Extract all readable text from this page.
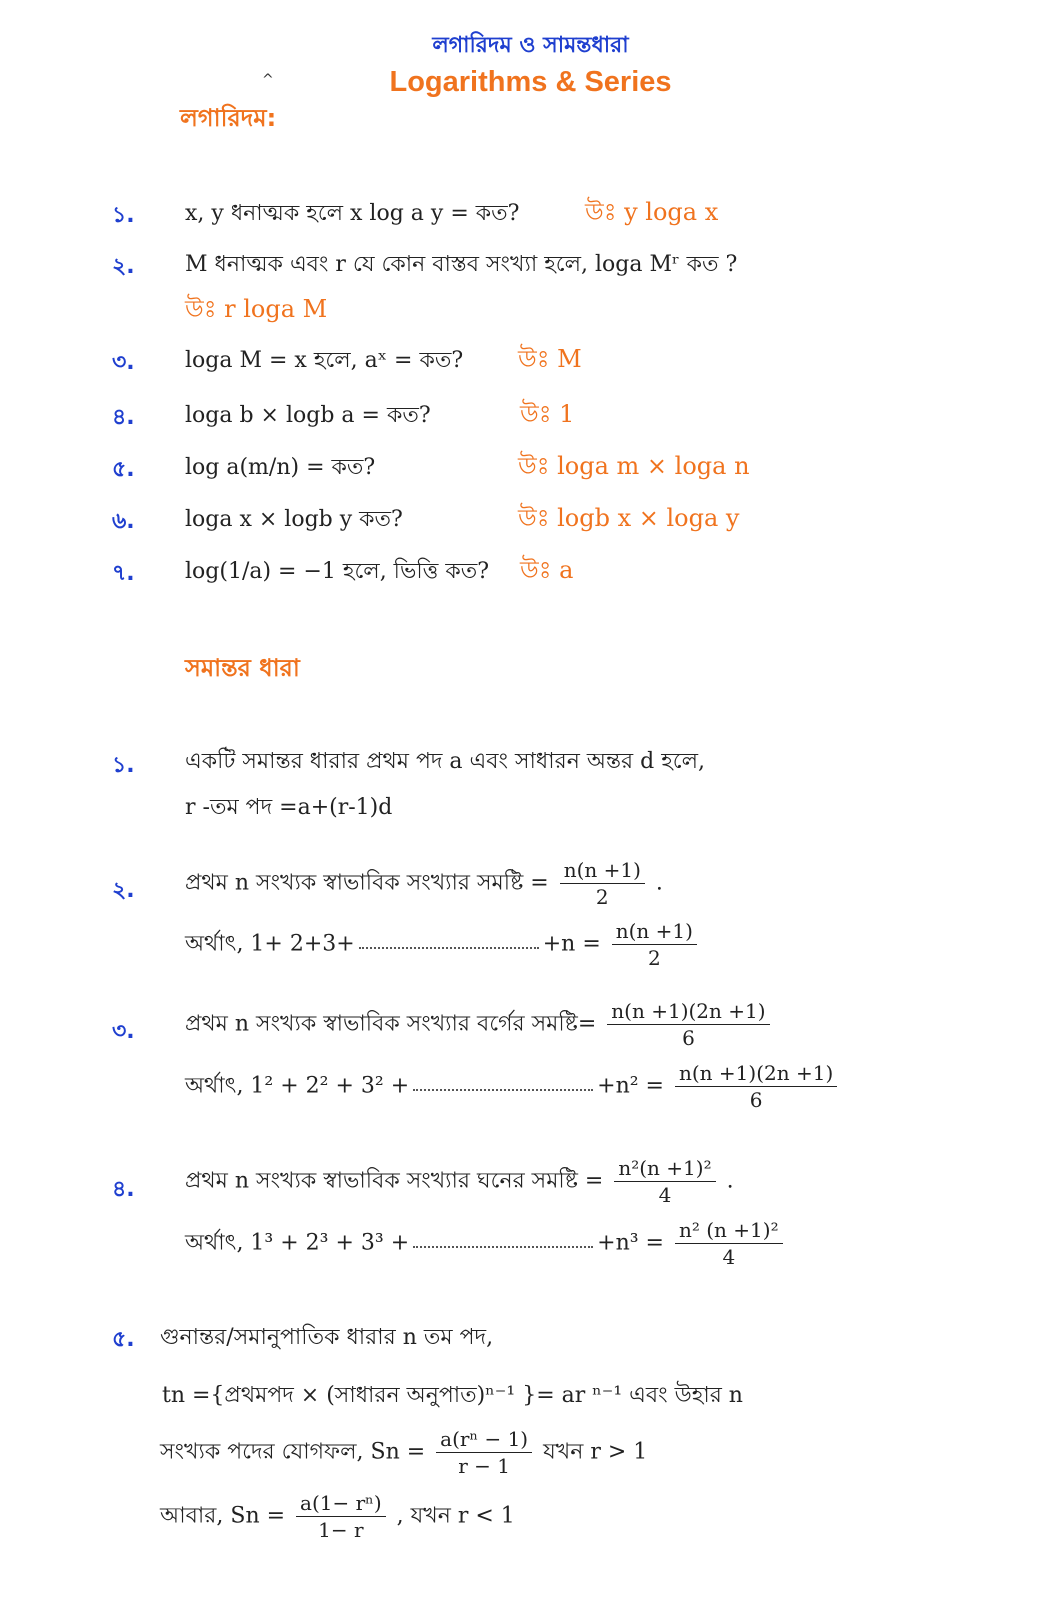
লগারিদম ও সামন্তধারা
Logarithms & Series
^
লগারিদম:
১. x, y ধনাত্মক হলে x log a y = কত?	উঃ y loga x
২. M ধনাত্মক এবং r যে কোন বাস্তব সংখ্যা হলে, loga Mʳ কত ?
উঃ r loga M
৩. loga M = x হলে, aˣ = কত? উঃ M
৪. loga b × logb a = কত?	উঃ 1
৫. log a(m/n) = কত?	উঃ loga m × loga n
৬. loga x × logb y কত?	উঃ logb x × loga y
৭. log(1/a) = −1 হলে, ভিত্তি কত? উঃ a
সমান্তর ধারা
১. একটি সমান্তর ধারার প্রথম পদ a এবং সাধারন অন্তর d হলে,
r -তম পদ =a+(r-1)d
২. প্রথম n সংখ্যক স্বাভাবিক সংখ্যার সমষ্টি = $\frac{n(n +1)}{2}$ .
অর্থাৎ, 1+ 2+3+	$+n = \frac{n(n +1)}{2}$
৩. প্রথম n সংখ্যক স্বাভাবিক সংখ্যার বর্গের সমষ্টি= $\frac{n(n +1)(2n +1)}{6}$
অর্থাৎ, 1² + 2² + 3² +	$+n^2 = \frac{n(n +1)(2n +1)}{6}$
৪. প্রথম n সংখ্যক স্বাভাবিক সংখ্যার ঘনের সমষ্টি = $\frac{\text{n²(n +1)²}}{4}$ .
অর্থাৎ, 1³ + 2³ + 3³ +	$+n^3 = \frac{\text{n² (n +1)²}}{4}$
৫. গুনান্তর/সমানুপাতিক ধারার n তম পদ,
tn ={প্রথমপদ × (সাধারন অনুপাত)ⁿ⁻¹ }= ar ⁿ⁻¹ এবং উহার n
সংখ্যক পদের যোগফল, $Sn = \frac{\text{a(rⁿ − 1)}}{r - 1}$ যখন r > 1
আবার, $Sn = \frac{\text{a(1− rⁿ)}}{1- r}$ , যখন r < 1
